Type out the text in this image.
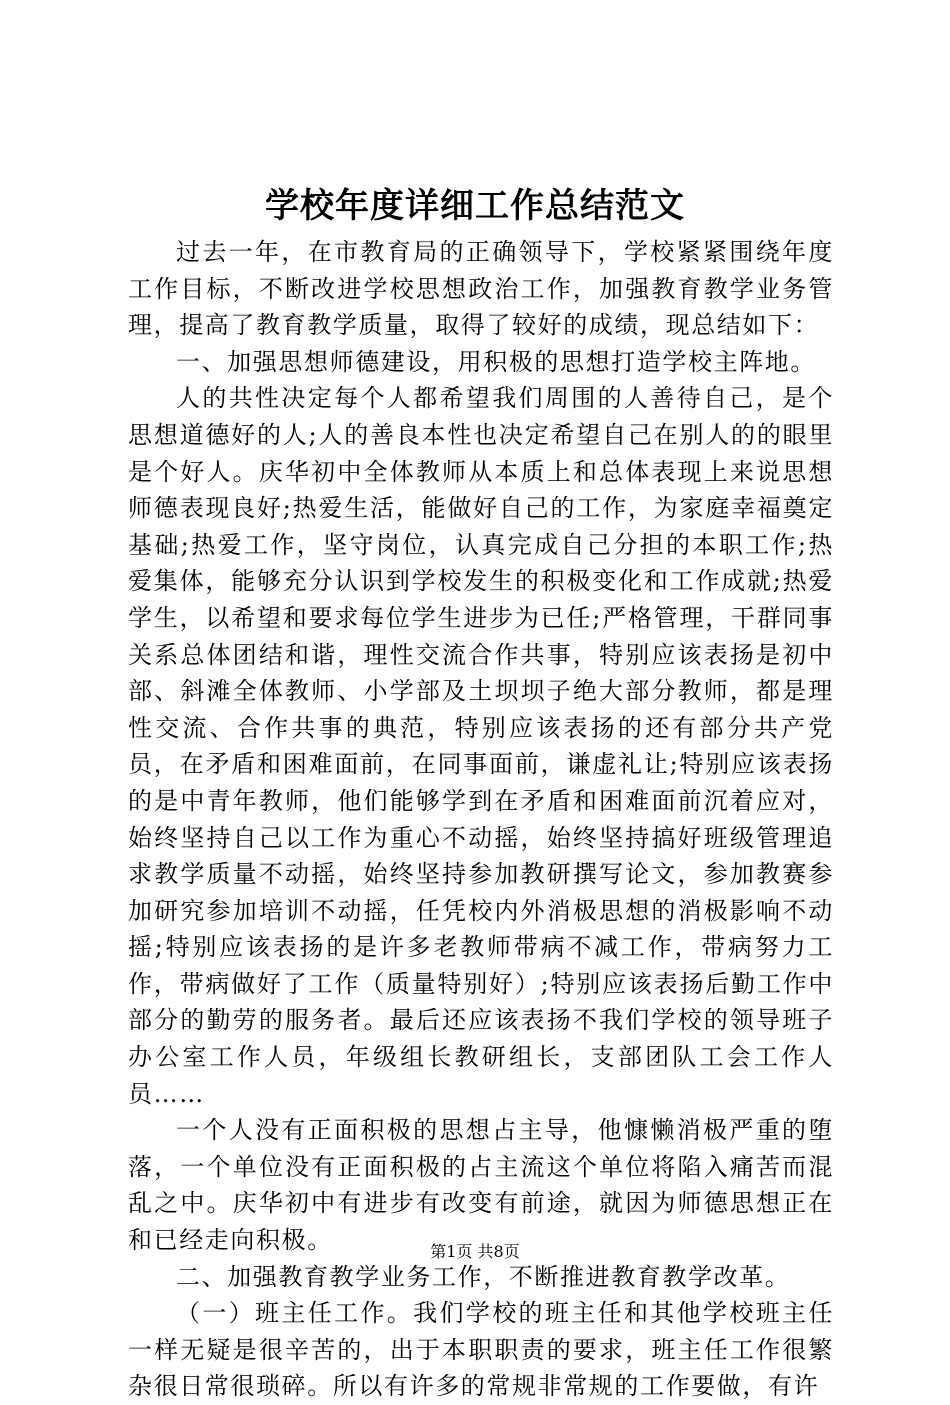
学校年度详细工作总结范文

过去一年，在市教育局的正确领导下，学校紧紧围绕年度工作目标，不断改进学校思想政治工作，加强教育教学业务管理，提高了教育教学质量，取得了较好的成绩，现总结如下：

一、加强思想师德建设，用积极的思想打造学校主阵地。

人的共性决定每个人都希望我们周围的人善待自己，是个思想道德好的人;人的善良本性也决定希望自己在别人的的眼里是个好人。庆华初中全体教师从本质上和总体表现上来说思想师德表现良好;热爱生活，能做好自己的工作，为家庭幸福奠定基础;热爱工作，坚守岗位，认真完成自己分担的本职工作;热爱集体，能够充分认识到学校发生的积极变化和工作成就;热爱学生，以希望和要求每位学生进步为已任;严格管理，干群同事关系总体团结和谐，理性交流合作共事，特别应该表扬是初中部、斜滩全体教师、小学部及土坝坝子绝大部分教师，都是理性交流、合作共事的典范，特别应该表扬的还有部分共产党员，在矛盾和困难面前，在同事面前，谦虚礼让;特别应该表扬的是中青年教师，他们能够学到在矛盾和困难面前沉着应对，始终坚持自己以工作为重心不动摇，始终坚持搞好班级管理追求教学质量不动摇，始终坚持参加教研撰写论文，参加教赛参加研究参加培训不动摇，任凭校内外消极思想的消极影响不动摇;特别应该表扬的是许多老教师带病不减工作，带病努力工作，带病做好了工作（质量特别好）;特别应该表扬后勤工作中部分的勤劳的服务者。最后还应该表扬不我们学校的领导班子办公室工作人员，年级组长教研组长，支部团队工会工作人员……

一个人没有正面积极的思想占主导，他慷懒消极严重的堕落，一个单位没有正面积极的占主流这个单位将陷入痛苦而混乱之中。庆华初中有进步有改变有前途，就因为师德思想正在和已经走向积极。

二、加强教育教学业务工作，不断推进教育教学改革。

（一）班主任工作。我们学校的班主任和其他学校班主任一样无疑是很辛苦的，出于本职职责的要求，班主任工作很繁杂很日常很琐碎。所以有许多的常规非常规的工作要做，有许

第1页 共8页
